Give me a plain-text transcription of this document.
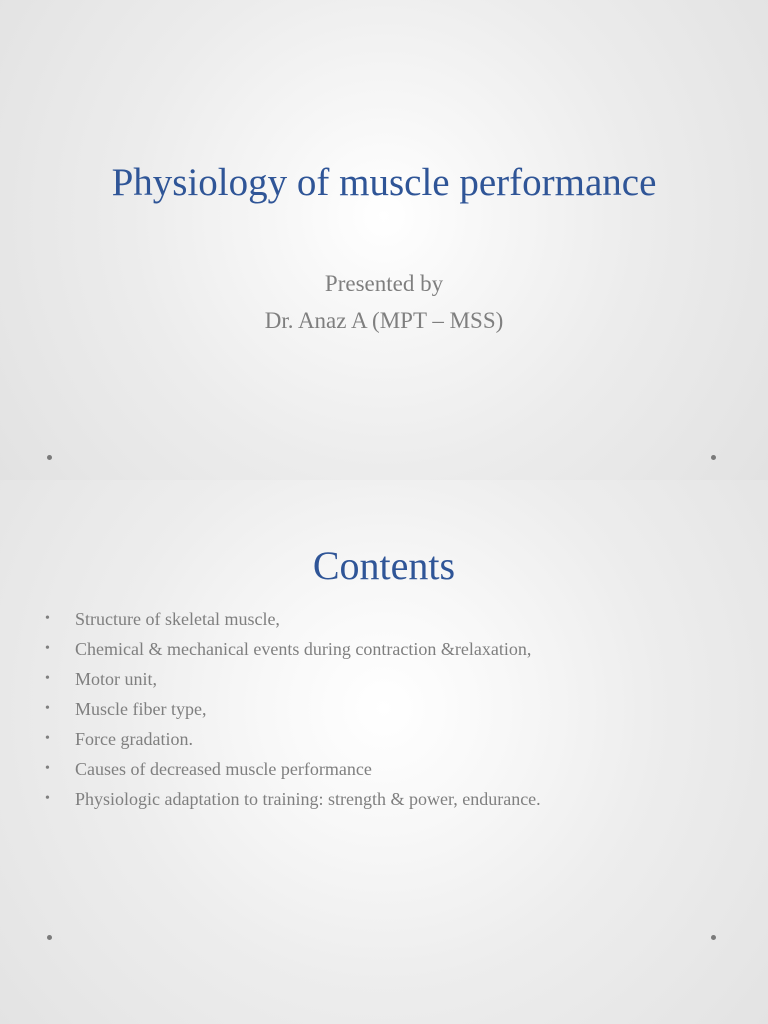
Physiology of muscle performance

Presented by

Dr. Anaz A (MPT – MSS)

Contents
• Structure of skeletal muscle,
• Chemical & mechanical events during contraction &relaxation,
• Motor unit,
• Muscle fiber type,
• Force gradation.
• Causes of decreased muscle performance
• Physiologic adaptation to training: strength & power, endurance.
